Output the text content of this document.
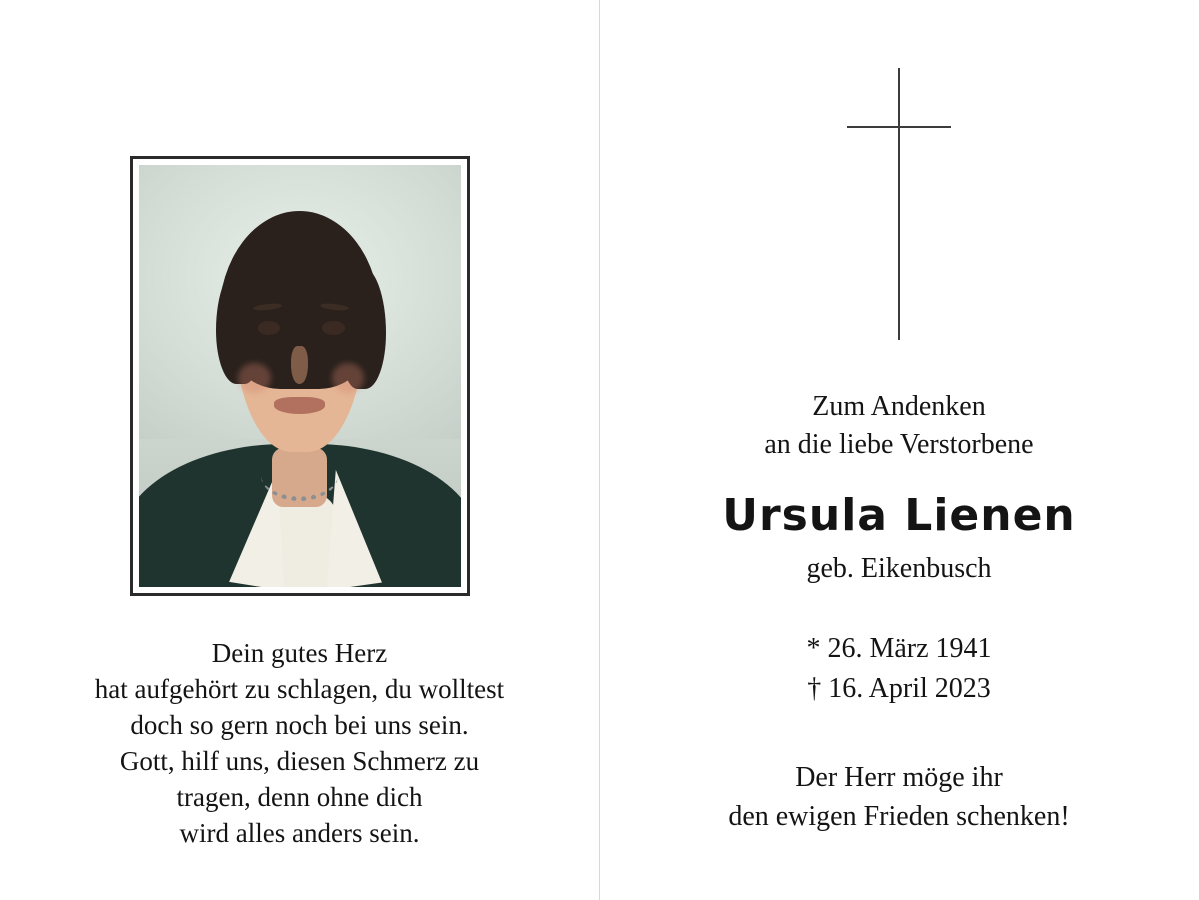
Dein gutes Herz
hat aufgehört zu schlagen, du wolltest
doch so gern noch bei uns sein.
Gott, hilf uns, diesen Schmerz zu
tragen, denn ohne dich
wird alles anders sein.
Zum Andenken
an die liebe Verstorbene
Ursula Lienen
geb. Eikenbusch
* 26. März 1941
† 16. April 2023
Der Herr möge ihr
den ewigen Frieden schenken!
